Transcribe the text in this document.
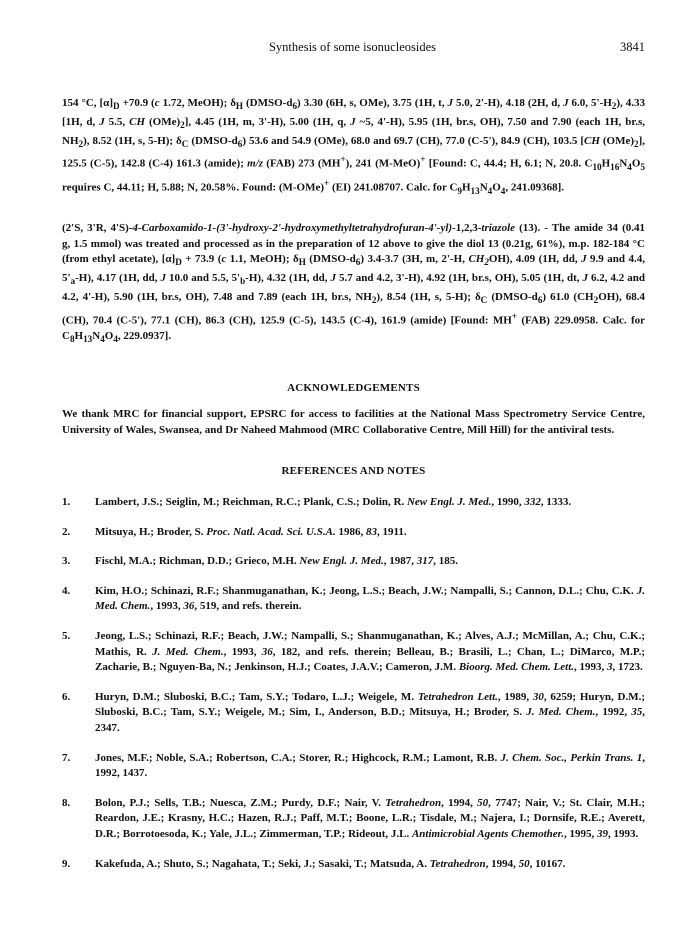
Synthesis of some isonucleosides	3841
154 °C, $[\alpha]_D +70.9$ (c 1.72, MeOH); $\delta_H$ $(DMSO-d_6)$ 3.30 (6H, s, OMe), 3.75 (1H, t, J 5.0, 2'-H), 4.18 (2H, d, J 6.0, $5'-H_2$), 4.33 [1H, d, J 5.5, CH $(OMe)_2$], 4.45 (1H, m, 3'-H), 5.00 (1H, q, J ~5, 4'-H), 5.95 (1H, br.s, OH), 7.50 and 7.90 (each 1H, br.s, $NH_2$), 8.52 (1H, s, 5-H); $\delta_C$ $(DMSO-d_6)$ 53.6 and 54.9 (OMe), 68.0 and 69.7 (CH), 77.0 (C-5'), 84.9 (CH), 103.5 [CH $(OMe)_2$], 125.5 (C-5), 142.8 (C-4) 161.3 (amide); m/z (FAB) 273 (MH+), 241 (M-MeO)+ [Found: C, 44.4; H, 6.1; N, 20.8. $C_{10}H_{16}N_4O_5$ requires C, 44.11; H, 5.88; N, 20.58%. Found: (M-OMe)+ (EI) 241.08707. Calc. for $C_9H_{13}N_4O_4$, 241.09368].
(2'S, 3'R, 4'S)-4-Carboxamido-1-(3'-hydroxy-2'-hydroxymethyltetrahydrofuran-4'-yl)-1,2,3-triazole (13). - The amide 34 (0.41 g, 1.5 mmol) was treated and processed as in the preparation of 12 above to give the diol 13 (0.21g, 61%), m.p. 182-184 °C (from ethyl acetate), $[\alpha]_D + 73.9$ (c 1.1, MeOH); $\delta_H$ $(DMSO-d_6)$ 3.4-3.7 (3H, m, 2'-H, $CH_2OH$), 4.09 (1H, dd, J 9.9 and 4.4, $5'_a-H$), 4.17 (1H, dd, J 10.0 and 5.5, $5'_b-H$), 4.32 (1H, dd, J 5.7 and 4.2, 3'-H), 4.92 (1H, br.s, OH), 5.05 (1H, dt, J 6.2, 4.2 and 4.2, 4'-H), 5.90 (1H, br.s, OH), 7.48 and 7.89 (each 1H, br.s, $NH_2$), 8.54 (1H, s, 5-H); $\delta_C$ $(DMSO-d_6)$ 61.0 $(CH_2OH)$, 68.4 (CH), 70.4 (C-5'), 77.1 (CH), 86.3 (CH), 125.9 (C-5), 143.5 (C-4), 161.9 (amide) [Found: MH+ (FAB) 229.0958. Calc. for $C_8H_{13}N_4O_4$, 229.0937].
ACKNOWLEDGEMENTS
We thank MRC for financial support, EPSRC for access to facilities at the National Mass Spectrometry Service Centre, University of Wales, Swansea, and Dr Naheed Mahmood (MRC Collaborative Centre, Mill Hill) for the antiviral tests.
REFERENCES AND NOTES
1. Lambert, J.S.; Seiglin, M.; Reichman, R.C.; Plank, C.S.; Dolin, R. New Engl. J. Med., 1990, 332, 1333.
2. Mitsuya, H.; Broder, S. Proc. Natl. Acad. Sci. U.S.A. 1986, 83, 1911.
3. Fischl, M.A.; Richman, D.D.; Grieco, M.H. New Engl. J. Med., 1987, 317, 185.
4. Kim, H.O.; Schinazi, R.F.; Shanmuganathan, K.; Jeong, L.S.; Beach, J.W.; Nampalli, S.; Cannon, D.L.; Chu, C.K. J. Med. Chem., 1993, 36, 519, and refs. therein.
5. Jeong, L.S.; Schinazi, R.F.; Beach, J.W.; Nampalli, S.; Shanmuganathan, K.; Alves, A.J.; McMillan, A.; Chu, C.K.; Mathis, R. J. Med. Chem., 1993, 36, 182, and refs. therein; Belleau, B.; Brasili, L.; Chan, L.; DiMarco, M.P.; Zacharie, B.; Nguyen-Ba, N.; Jenkinson, H.J.; Coates, J.A.V.; Cameron, J.M. Bioorg. Med. Chem. Lett., 1993, 3, 1723.
6. Huryn, D.M.; Sluboski, B.C.; Tam, S.Y.; Todaro, L.J.; Weigele, M. Tetrahedron Lett., 1989, 30, 6259; Huryn, D.M.; Sluboski, B.C.; Tam, S.Y.; Weigele, M.; Sim, I., Anderson, B.D.; Mitsuya, H.; Broder, S. J. Med. Chem., 1992, 35, 2347.
7. Jones, M.F.; Noble, S.A.; Robertson, C.A.; Storer, R.; Highcock, R.M.; Lamont, R.B. J. Chem. Soc., Perkin Trans. 1, 1992, 1437.
8. Bolon, P.J.; Sells, T.B.; Nuesca, Z.M.; Purdy, D.F.; Nair, V. Tetrahedron, 1994, 50, 7747; Nair, V.; St. Clair, M.H.; Reardon, J.E.; Krasny, H.C.; Hazen, R.J.; Paff, M.T.; Boone, L.R.; Tisdale, M.; Najera, I.; Dornsife, R.E.; Averett, D.R.; Borrotoesoda, K.; Yale, J.L.; Zimmerman, T.P.; Rideout, J.L. Antimicrobial Agents Chemother., 1995, 39, 1993.
9. Kakefuda, A.; Shuto, S.; Nagahata, T.; Seki, J.; Sasaki, T.; Matsuda, A. Tetrahedron, 1994, 50, 10167.
